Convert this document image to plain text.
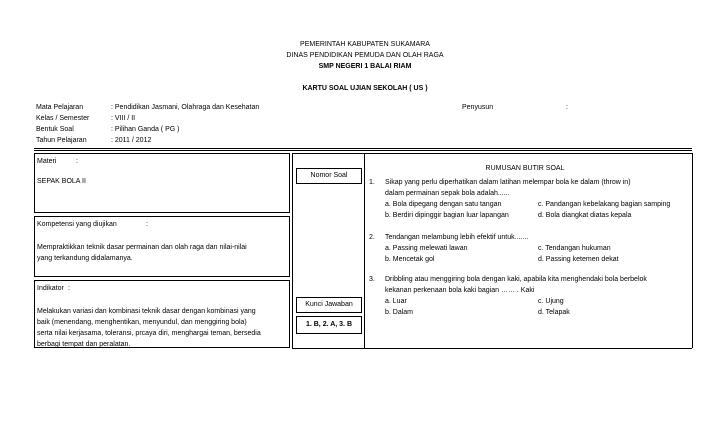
PEMERINTAH KABUPATEN SUKAMARA
DINAS PENDIDIKAN PEMUDA DAN OLAH RAGA
SMP NEGERI 1 BALAI RIAM
KARTU SOAL UJIAN SEKOLAH ( US )
Mata Pelajaran	: Pendidikan Jasmani, Olahraga dan Kesehatan
Kelas / Semester	: VIII / II
Bentuk Soal	: Pilihan Ganda ( PG )
Tahun Pelajaran	: 2011 / 2012
Penyusun	:
Materi	:
SEPAK BOLA II
Kompetensi yang diujikan	:
Mempraktikkan teknik dasar permainan dan olah raga dan nilai-nilai
yang terkandung didalamanya.
Indikator :
Melakukan variasi dan kombinasi teknik dasar dengan kombinasi yang
baik (menendang, menghentikan, menyundul, dan menggiring bola)
serta nilai kerjasama, toleransi, prcaya diri, menghargai teman, bersedia
berbagi tempat dan peralatan.
Nomor Soal
Kunci Jawaban
1. B, 2. A, 3. B
RUMUSAN BUTIR SOAL
1. Sikap yang perlu diperhatikan dalam latihan melempar bola ke dalam (throw in)
dalam permainan sepak bola adalah......
a. Bola dipegang dengan satu tangan	c. Pandangan kebelakang bagian samping
b. Berdiri dipinggir bagian luar lapangan	d. Bola diangkat diatas kepala
2. Tendangan melambung lebih efektif untuk.......
a. Passing melewati lawan	c. Tendangan hukuman
b. Mencetak gol	d. Passing ketemen dekat
3. Dribbling atau menggiring bola dengan kaki, apabila kita menghendaki bola berbelok
kekanan perkenaan bola kaki bagian …… . Kaki
a. Luar	c. Ujung
b. Dalam	d. Telapak
